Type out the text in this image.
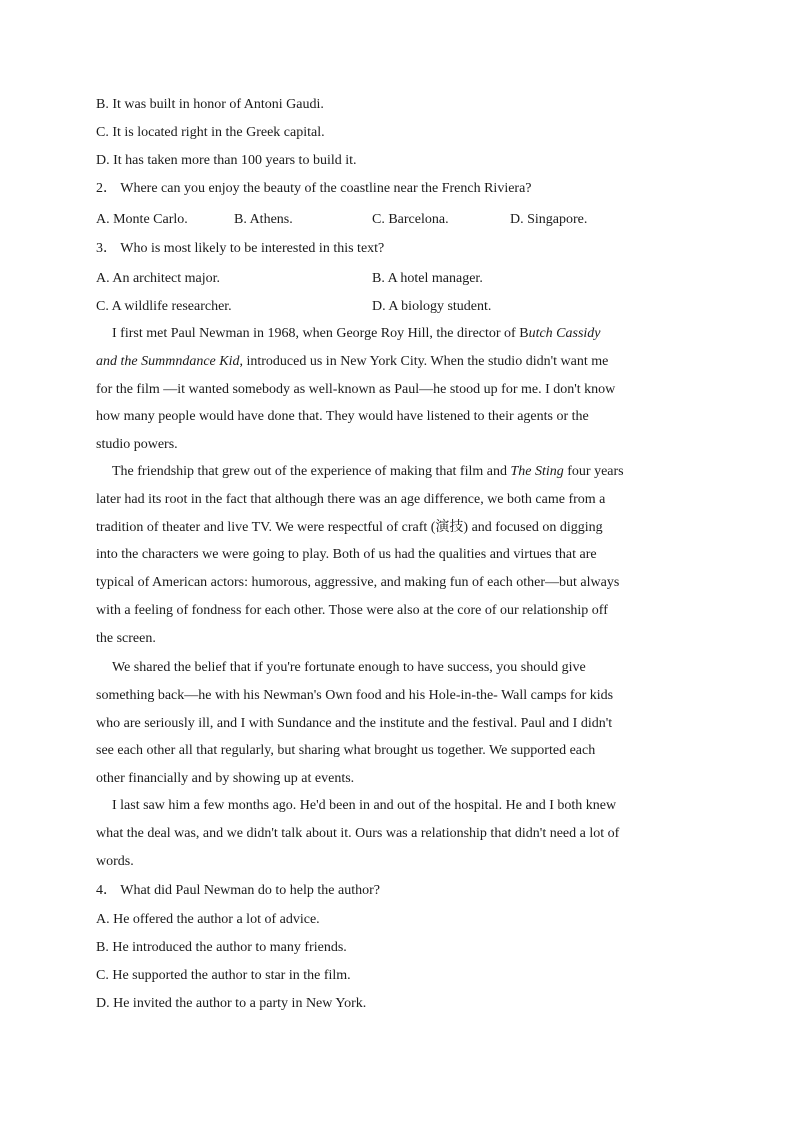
B. It was built in honor of Antoni Gaudi.
C. It is located right in the Greek capital.
D. It has taken more than 100 years to build it.
2． Where can you enjoy the beauty of the coastline near the French Riviera?
A. Monte Carlo.	B. Athens.	C. Barcelona.	D. Singapore.
3． Who is most likely to be interested in this text?
A. An architect major.	B. A hotel manager.
C. A wildlife researcher.	D. A biology student.
I first met Paul Newman in 1968, when George Roy Hill, the director of Butch Cassidy
and the Summndance Kid, introduced us in New York City. When the studio didn't want me
for the film —it wanted somebody as well-known as Paul—he stood up for me. I don't know
how many people would have done that. They would have listened to their agents or the
studio powers.
The friendship that grew out of the experience of making that film and The Sting four years
later had its root in the fact that although there was an age difference, we both came from a
tradition of theater and live TV. We were respectful of craft (演技) and focused on digging
into the characters we were going to play. Both of us had the qualities and virtues that are
typical of American actors: humorous, aggressive, and making fun of each other—but always
with a feeling of fondness for each other. Those were also at the core of our relationship off
the screen.
We shared the belief that if you're fortunate enough to have success, you should give
something back—he with his Newman's Own food and his Hole-in-the- Wall camps for kids
who are seriously ill, and I with Sundance and the institute and the festival. Paul and I didn't
see each other all that regularly, but sharing what brought us together. We supported each
other financially and by showing up at events.
I last saw him a few months ago. He'd been in and out of the hospital. He and I both knew
what the deal was, and we didn't talk about it. Ours was a relationship that didn't need a lot of
words.
4． What did Paul Newman do to help the author?
A. He offered the author a lot of advice.
B. He introduced the author to many friends.
C. He supported the author to star in the film.
D. He invited the author to a party in New York.
